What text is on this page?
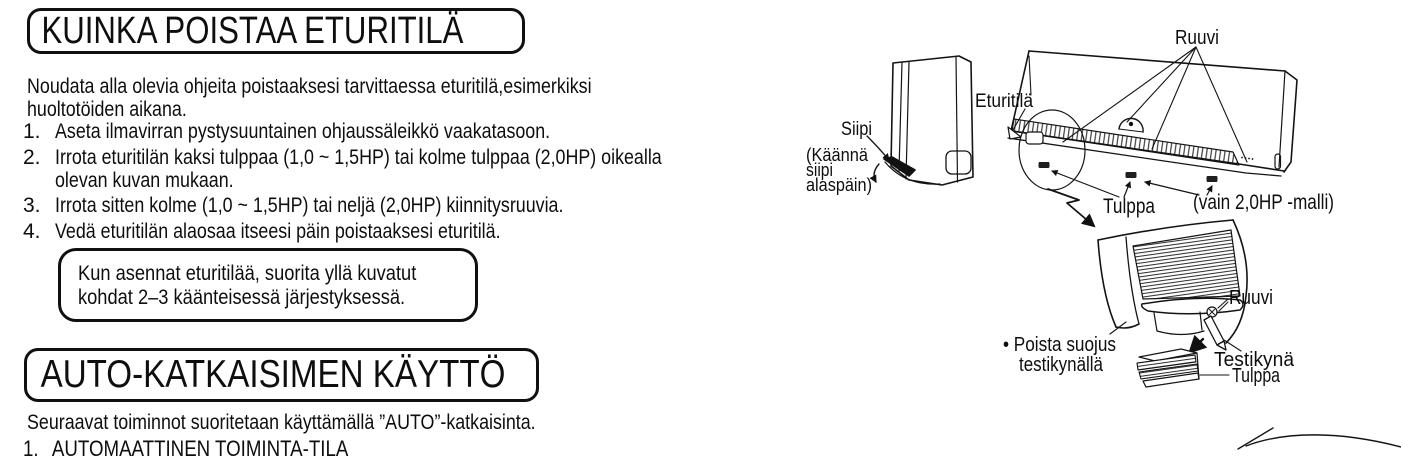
KUINKA POISTAA ETURITILÄ
Noudata alla olevia ohjeita poistaaksesi tarvittaessa eturitilä,esimerkiksi
huoltotöiden aikana.
1. Aseta ilmavirran pystysuuntainen ohjaussäleikkö vaakatasoon.
2. Irrota eturitilän kaksi tulppaa (1,0 ~ 1,5HP) tai kolme tulppaa (2,0HP) oikealla
olevan kuvan mukaan.
3. Irrota sitten kolme (1,0 ~ 1,5HP) tai neljä (2,0HP) kiinnitysruuvia.
4. Vedä eturitilän alaosaa itseesi päin poistaaksesi eturitilä.
Kun asennat eturitilää, suorita yllä kuvatut
kohdat 2–3 käänteisessä järjestyksessä.
AUTO-KATKAISIMEN KÄYTTÖ
Seuraavat toiminnot suoritetaan käyttämällä ”AUTO”-katkaisinta.
1. AUTOMAATTINEN TOIMINTA-TILA
Ruuvi
Eturitilä
Siipi
(Käännä
siipi
alaspäin)
Tulppa (vain 2,0HP -malli)
Ruuvi
• Poista suojus
testikynällä	Testikynä
Tulppa
